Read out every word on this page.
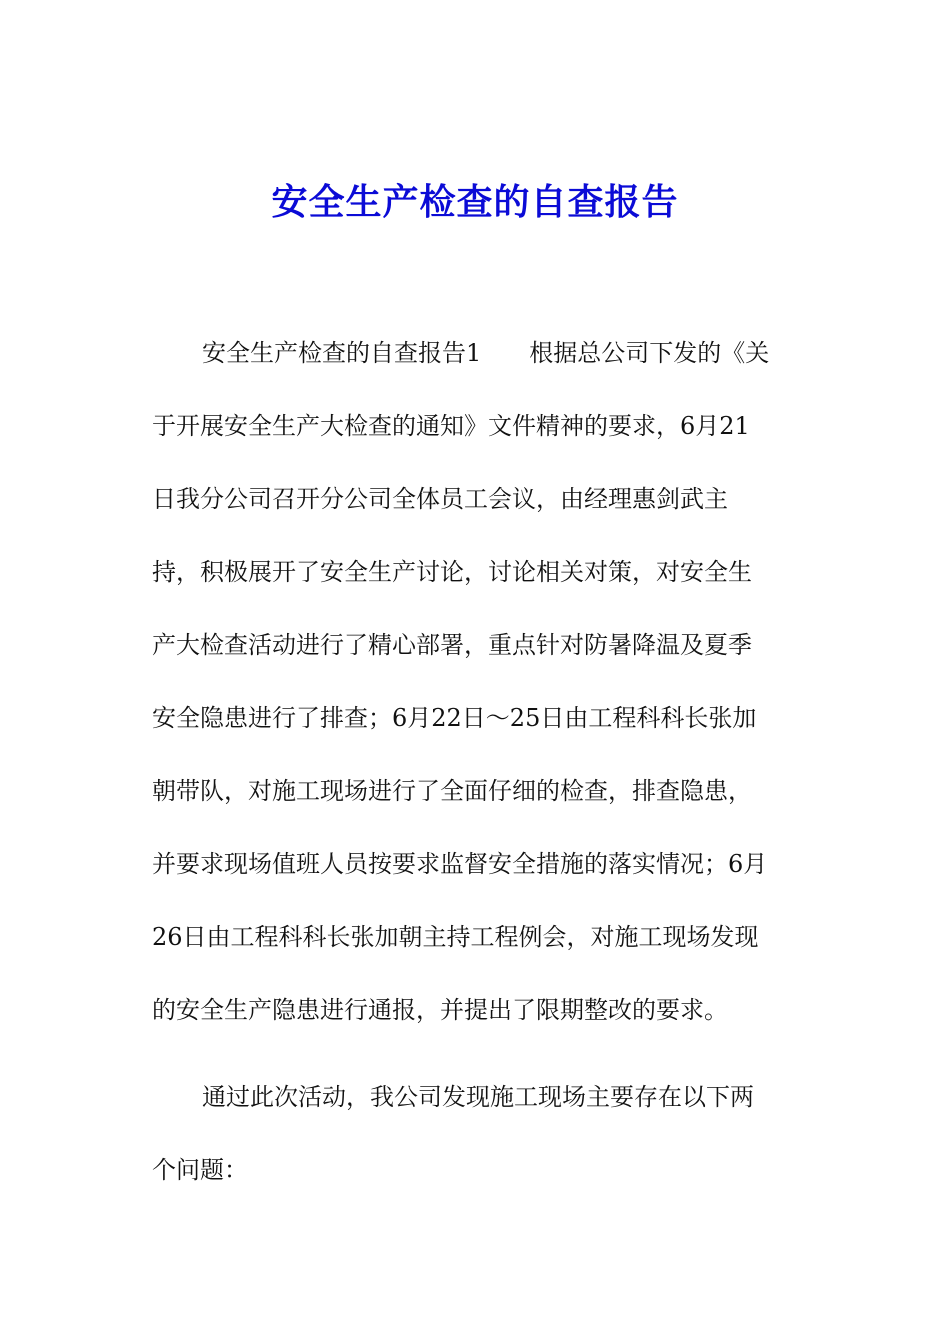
安全生产检查的自查报告
安全生产检查的自查报告1　　根据总公司下发的《关
于开展安全生产大检查的通知》文件精神的要求，6月21
日我分公司召开分公司全体员工会议，由经理惠剑武主
持，积极展开了安全生产讨论，讨论相关对策，对安全生
产大检查活动进行了精心部署，重点针对防暑降温及夏季
安全隐患进行了排查；6月22日～25日由工程科科长张加
朝带队，对施工现场进行了全面仔细的检查，排查隐患，
并要求现场值班人员按要求监督安全措施的落实情况；6月
26日由工程科科长张加朝主持工程例会，对施工现场发现
的安全生产隐患进行通报，并提出了限期整改的要求。
通过此次活动，我公司发现施工现场主要存在以下两
个问题：
